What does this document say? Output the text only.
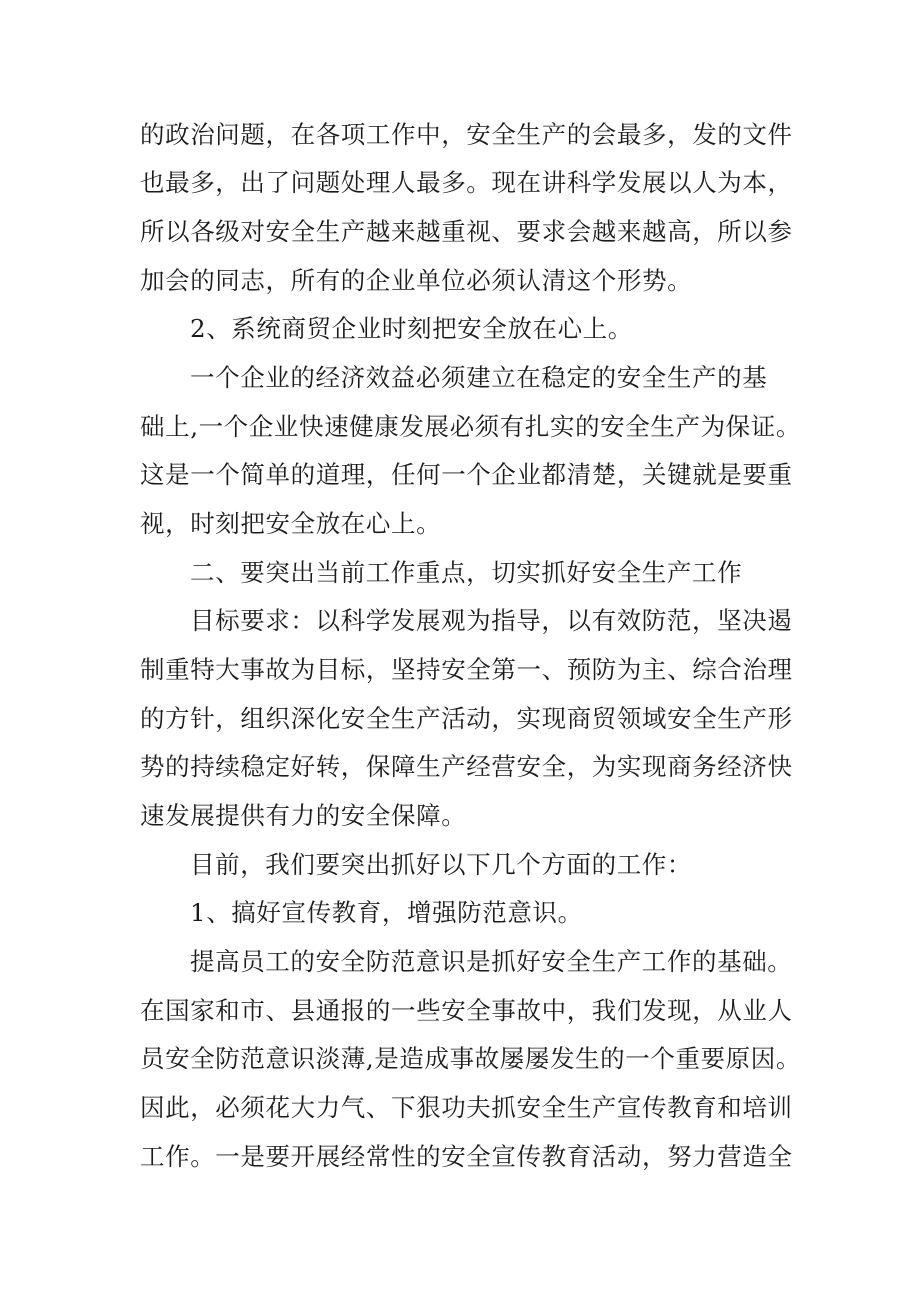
的政治问题，在各项工作中，安全生产的会最多，发的文件
也最多，出了问题处理人最多。现在讲科学发展以人为本，
所以各级对安全生产越来越重视、要求会越来越高，所以参
加会的同志，所有的企业单位必须认清这个形势。
2、系统商贸企业时刻把安全放在心上。
一个企业的经济效益必须建立在稳定的安全生产的基
础上,一个企业快速健康发展必须有扎实的安全生产为保证。
这是一个简单的道理，任何一个企业都清楚，关键就是要重
视，时刻把安全放在心上。
二、要突出当前工作重点，切实抓好安全生产工作
目标要求：以科学发展观为指导，以有效防范，坚决遏
制重特大事故为目标，坚持安全第一、预防为主、综合治理
的方针，组织深化安全生产活动，实现商贸领域安全生产形
势的持续稳定好转，保障生产经营安全，为实现商务经济快
速发展提供有力的安全保障。
目前，我们要突出抓好以下几个方面的工作：
1、搞好宣传教育，增强防范意识。
提高员工的安全防范意识是抓好安全生产工作的基础。
在国家和市、县通报的一些安全事故中，我们发现，从业人
员安全防范意识淡薄,是造成事故屡屡发生的一个重要原因。
因此，必须花大力气、下狠功夫抓安全生产宣传教育和培训
工作。一是要开展经常性的安全宣传教育活动，努力营造全
